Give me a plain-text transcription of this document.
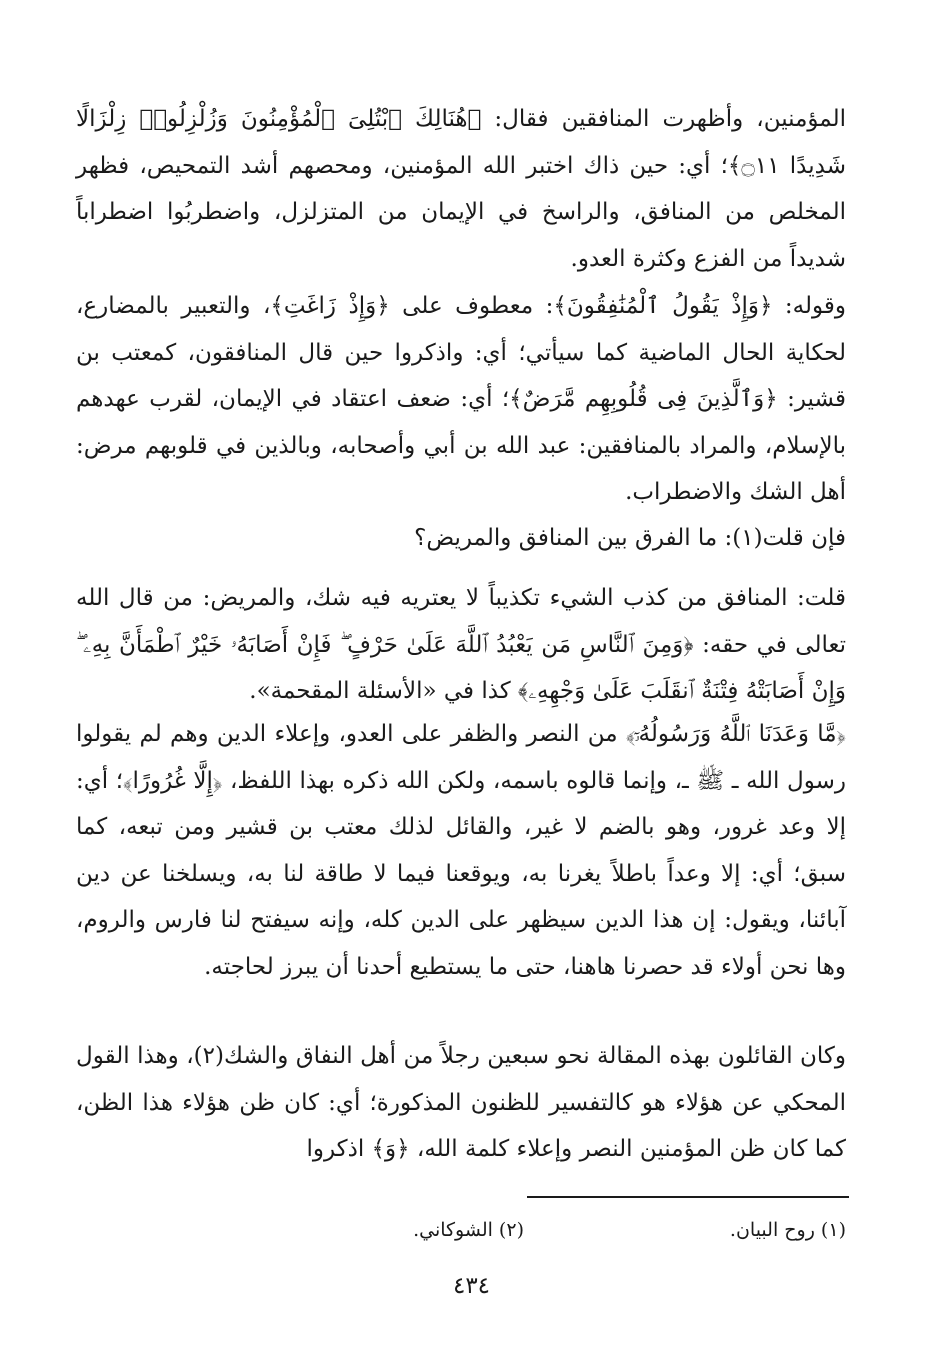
المؤمنين، وأظهرت المنافقين فقال: ﴿هُنَالِكَ ٱبْتُلِىَ ٱلْمُؤْمِنُونَ وَزُلْزِلُوا۟ زِلْزَالًا شَدِيدًا ۝١١﴾؛ أي: حين ذاك اختبر الله المؤمنين، ومحصهم أشد التمحيص، فظهر المخلص من المنافق، والراسخ في الإيمان من المتزلزل، واضطربُوا اضطراباً شديداً من الفزع وكثرة العدو.

وقوله: ﴿وَإِذْ يَقُولُ ٱلْمُنَٰفِقُونَ﴾: معطوف على ﴿وَإِذْ زَاغَتِ﴾، والتعبير بالمضارع، لحكاية الحال الماضية كما سيأتي؛ أي: واذكروا حين قال المنافقون، كمعتب بن قشير: ﴿وَٱلَّذِينَ فِى قُلُوبِهِم مَّرَضٌ﴾؛ أي: ضعف اعتقاد في الإيمان، لقرب عهدهم بالإسلام، والمراد بالمنافقين: عبد الله بن أبي وأصحابه، وبالذين في قلوبهم مرض: أهل الشك والاضطراب.

فإن قلت(١): ما الفرق بين المنافق والمريض؟

قلت: المنافق من كذب الشيء تكذيباً لا يعتريه فيه شك، والمريض: من قال الله تعالى في حقه: ﴿وَمِنَ ٱلنَّاسِ مَن يَعْبُدُ ٱللَّهَ عَلَىٰ حَرْفٍ ۖ فَإِنْ أَصَابَهُۥ خَيْرٌ ٱطْمَأَنَّ بِهِۦ ۖ وَإِنْ أَصَابَتْهُ فِتْنَةٌ ٱنقَلَبَ عَلَىٰ وَجْهِهِۦ﴾ كذا في «الأسئلة المقحمة».

﴿مَّا وَعَدَنَا ٱللَّهُ وَرَسُولُهُۥٓ﴾ من النصر والظفر على العدو، وإعلاء الدين وهم لم يقولوا رسول الله ـ ﷺ ـ، وإنما قالوه باسمه، ولكن الله ذكره بهذا اللفظ، ﴿إِلَّا غُرُورًا﴾؛ أي: إلا وعد غرور، وهو بالضم لا غير، والقائل لذلك معتب بن قشير ومن تبعه، كما سبق؛ أي: إلا وعداً باطلاً يغرنا به، ويوقعنا فيما لا طاقة لنا به، ويسلخنا عن دين آبائنا، ويقول: إن هذا الدين سيظهر على الدين كله، وإنه سيفتح لنا فارس والروم، وها نحن أولاء قد حصرنا هاهنا، حتى ما يستطيع أحدنا أن يبرز لحاجته.

وكان القائلون بهذه المقالة نحو سبعين رجلاً من أهل النفاق والشك(٢)، وهذا القول المحكي عن هؤلاء هو كالتفسير للظنون المذكورة؛ أي: كان ظن هؤلاء هذا الظن، كما كان ظن المؤمنين النصر وإعلاء كلمة الله، ﴿وَ﴾ اذكروا

(١) روح البيان.
(٢) الشوكاني.
٤٣٤
